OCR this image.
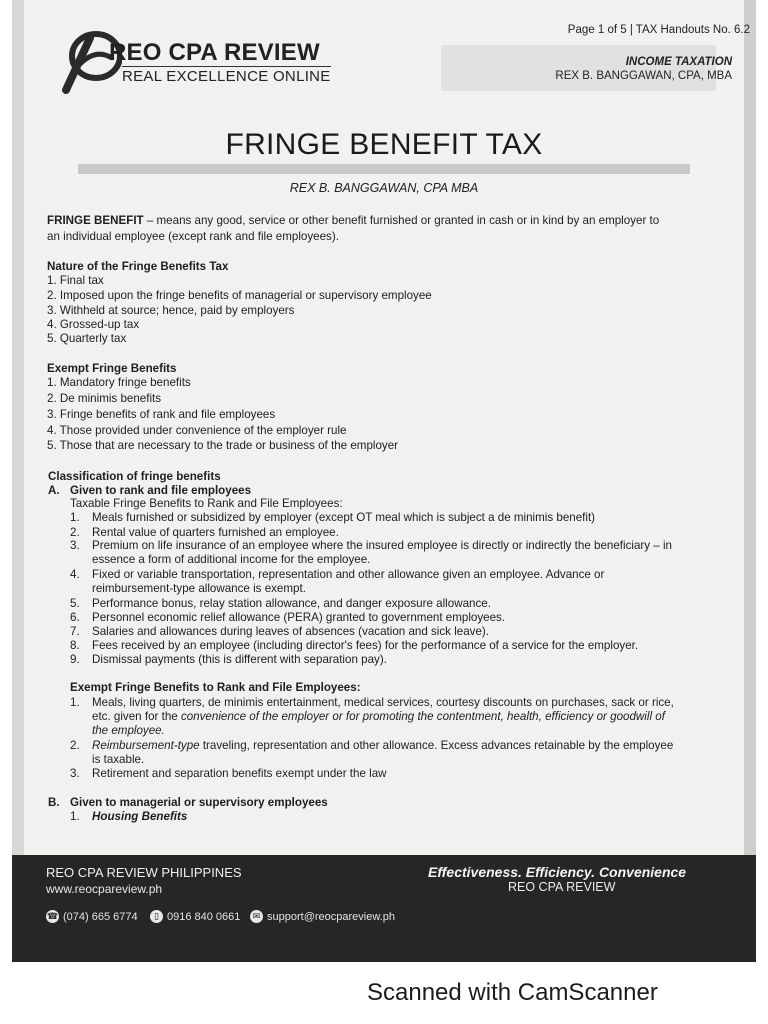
REO CPA REVIEW
REAL EXCELLENCE ONLINE
Page 1 of 5 | TAX Handouts No. 6.2
INCOME TAXATION
REX B. BANGGAWAN, CPA, MBA
FRINGE BENEFIT TAX
REX B. BANGGAWAN, CPA MBA
FRINGE BENEFIT – means any good, service or other benefit furnished or granted in cash or in kind by an employer to
an individual employee (except rank and file employees).
Nature of the Fringe Benefits Tax
1. Final tax
2. Imposed upon the fringe benefits of managerial or supervisory employee
3. Withheld at source; hence, paid by employers
4. Grossed-up tax
5. Quarterly tax
Exempt Fringe Benefits
1. Mandatory fringe benefits
2. De minimis benefits
3. Fringe benefits of rank and file employees
4. Those provided under convenience of the employer rule
5. Those that are necessary to the trade or business of the employer
Classification of fringe benefits
A. Given to rank and file employees
Taxable Fringe Benefits to Rank and File Employees:
1. Meals furnished or subsidized by employer (except OT meal which is subject a de minimis benefit)
2. Rental value of quarters furnished an employee.
3. Premium on life insurance of an employee where the insured employee is directly or indirectly the beneficiary – in
essence a form of additional income for the employee.
4. Fixed or variable transportation, representation and other allowance given an employee. Advance or
reimbursement-type allowance is exempt.
5. Performance bonus, relay station allowance, and danger exposure allowance.
6. Personnel economic relief allowance (PERA) granted to government employees.
7. Salaries and allowances during leaves of absences (vacation and sick leave).
8. Fees received by an employee (including director's fees) for the performance of a service for the employer.
9. Dismissal payments (this is different with separation pay).
Exempt Fringe Benefits to Rank and File Employees:
1. Meals, living quarters, de minimis entertainment, medical services, courtesy discounts on purchases, sack or rice,
etc. given for the convenience of the employer or for promoting the contentment, health, efficiency or goodwill of
the employee.
2. Reimbursement-type traveling, representation and other allowance. Excess advances retainable by the employee
is taxable.
3. Retirement and separation benefits exempt under the law
B. Given to managerial or supervisory employees
1. Housing Benefits
REO CPA REVIEW PHILIPPINES
www.reocpareview.ph
Effectiveness. Efficiency. Convenience
REO CPA REVIEW
☎ (074) 665 6774	▯ 0916 840 0661	✉ support@reocpareview.ph
Scanned with CamScanner
